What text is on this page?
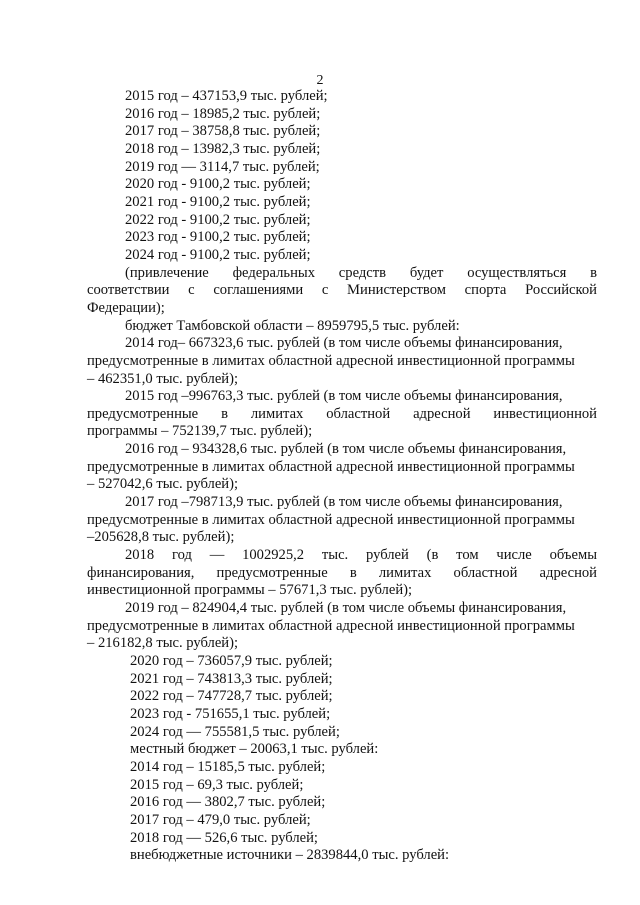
2
2015 год – 437153,9 тыс. рублей;
2016 год – 18985,2 тыс. рублей;
2017 год – 38758,8 тыс. рублей;
2018 год – 13982,3 тыс. рублей;
2019 год — 3114,7 тыс. рублей;
2020 год - 9100,2 тыс. рублей;
2021 год - 9100,2 тыс. рублей;
2022 год - 9100,2 тыс. рублей;
2023 год - 9100,2 тыс. рублей;
2024 год - 9100,2 тыс. рублей;
(привлечение федеральных средств будет осуществляться в
соответствии с соглашениями с Министерством спорта Российской
Федерации);
бюджет Тамбовской области – 8959795,5 тыс. рублей:
2014 год– 667323,6 тыс. рублей (в том числе объемы финансирования,
предусмотренные в лимитах областной адресной инвестиционной программы
– 462351,0 тыс. рублей);
2015 год –996763,3 тыс. рублей (в том числе объемы финансирования,
предусмотренные в лимитах областной адресной инвестиционной
программы – 752139,7 тыс. рублей);
2016 год – 934328,6 тыс. рублей (в том числе объемы финансирования,
предусмотренные в лимитах областной адресной инвестиционной программы
– 527042,6 тыс. рублей);
2017 год –798713,9 тыс. рублей (в том числе объемы финансирования,
предусмотренные в лимитах областной адресной инвестиционной программы
–205628,8 тыс. рублей);
2018 год — 1002925,2 тыс. рублей (в том числе объемы
финансирования, предусмотренные в лимитах областной адресной
инвестиционной программы – 57671,3 тыс. рублей);
2019 год – 824904,4 тыс. рублей (в том числе объемы финансирования,
предусмотренные в лимитах областной адресной инвестиционной программы
– 216182,8 тыс. рублей);
2020 год – 736057,9 тыс. рублей;
2021 год – 743813,3 тыс. рублей;
2022 год – 747728,7 тыс. рублей;
2023 год - 751655,1 тыс. рублей;
2024 год — 755581,5 тыс. рублей;
местный бюджет – 20063,1 тыс. рублей:
2014 год – 15185,5 тыс. рублей;
2015 год – 69,3 тыс. рублей;
2016 год — 3802,7 тыс. рублей;
2017 год – 479,0 тыс. рублей;
2018 год — 526,6 тыс. рублей;
внебюджетные источники – 2839844,0 тыс. рублей:
